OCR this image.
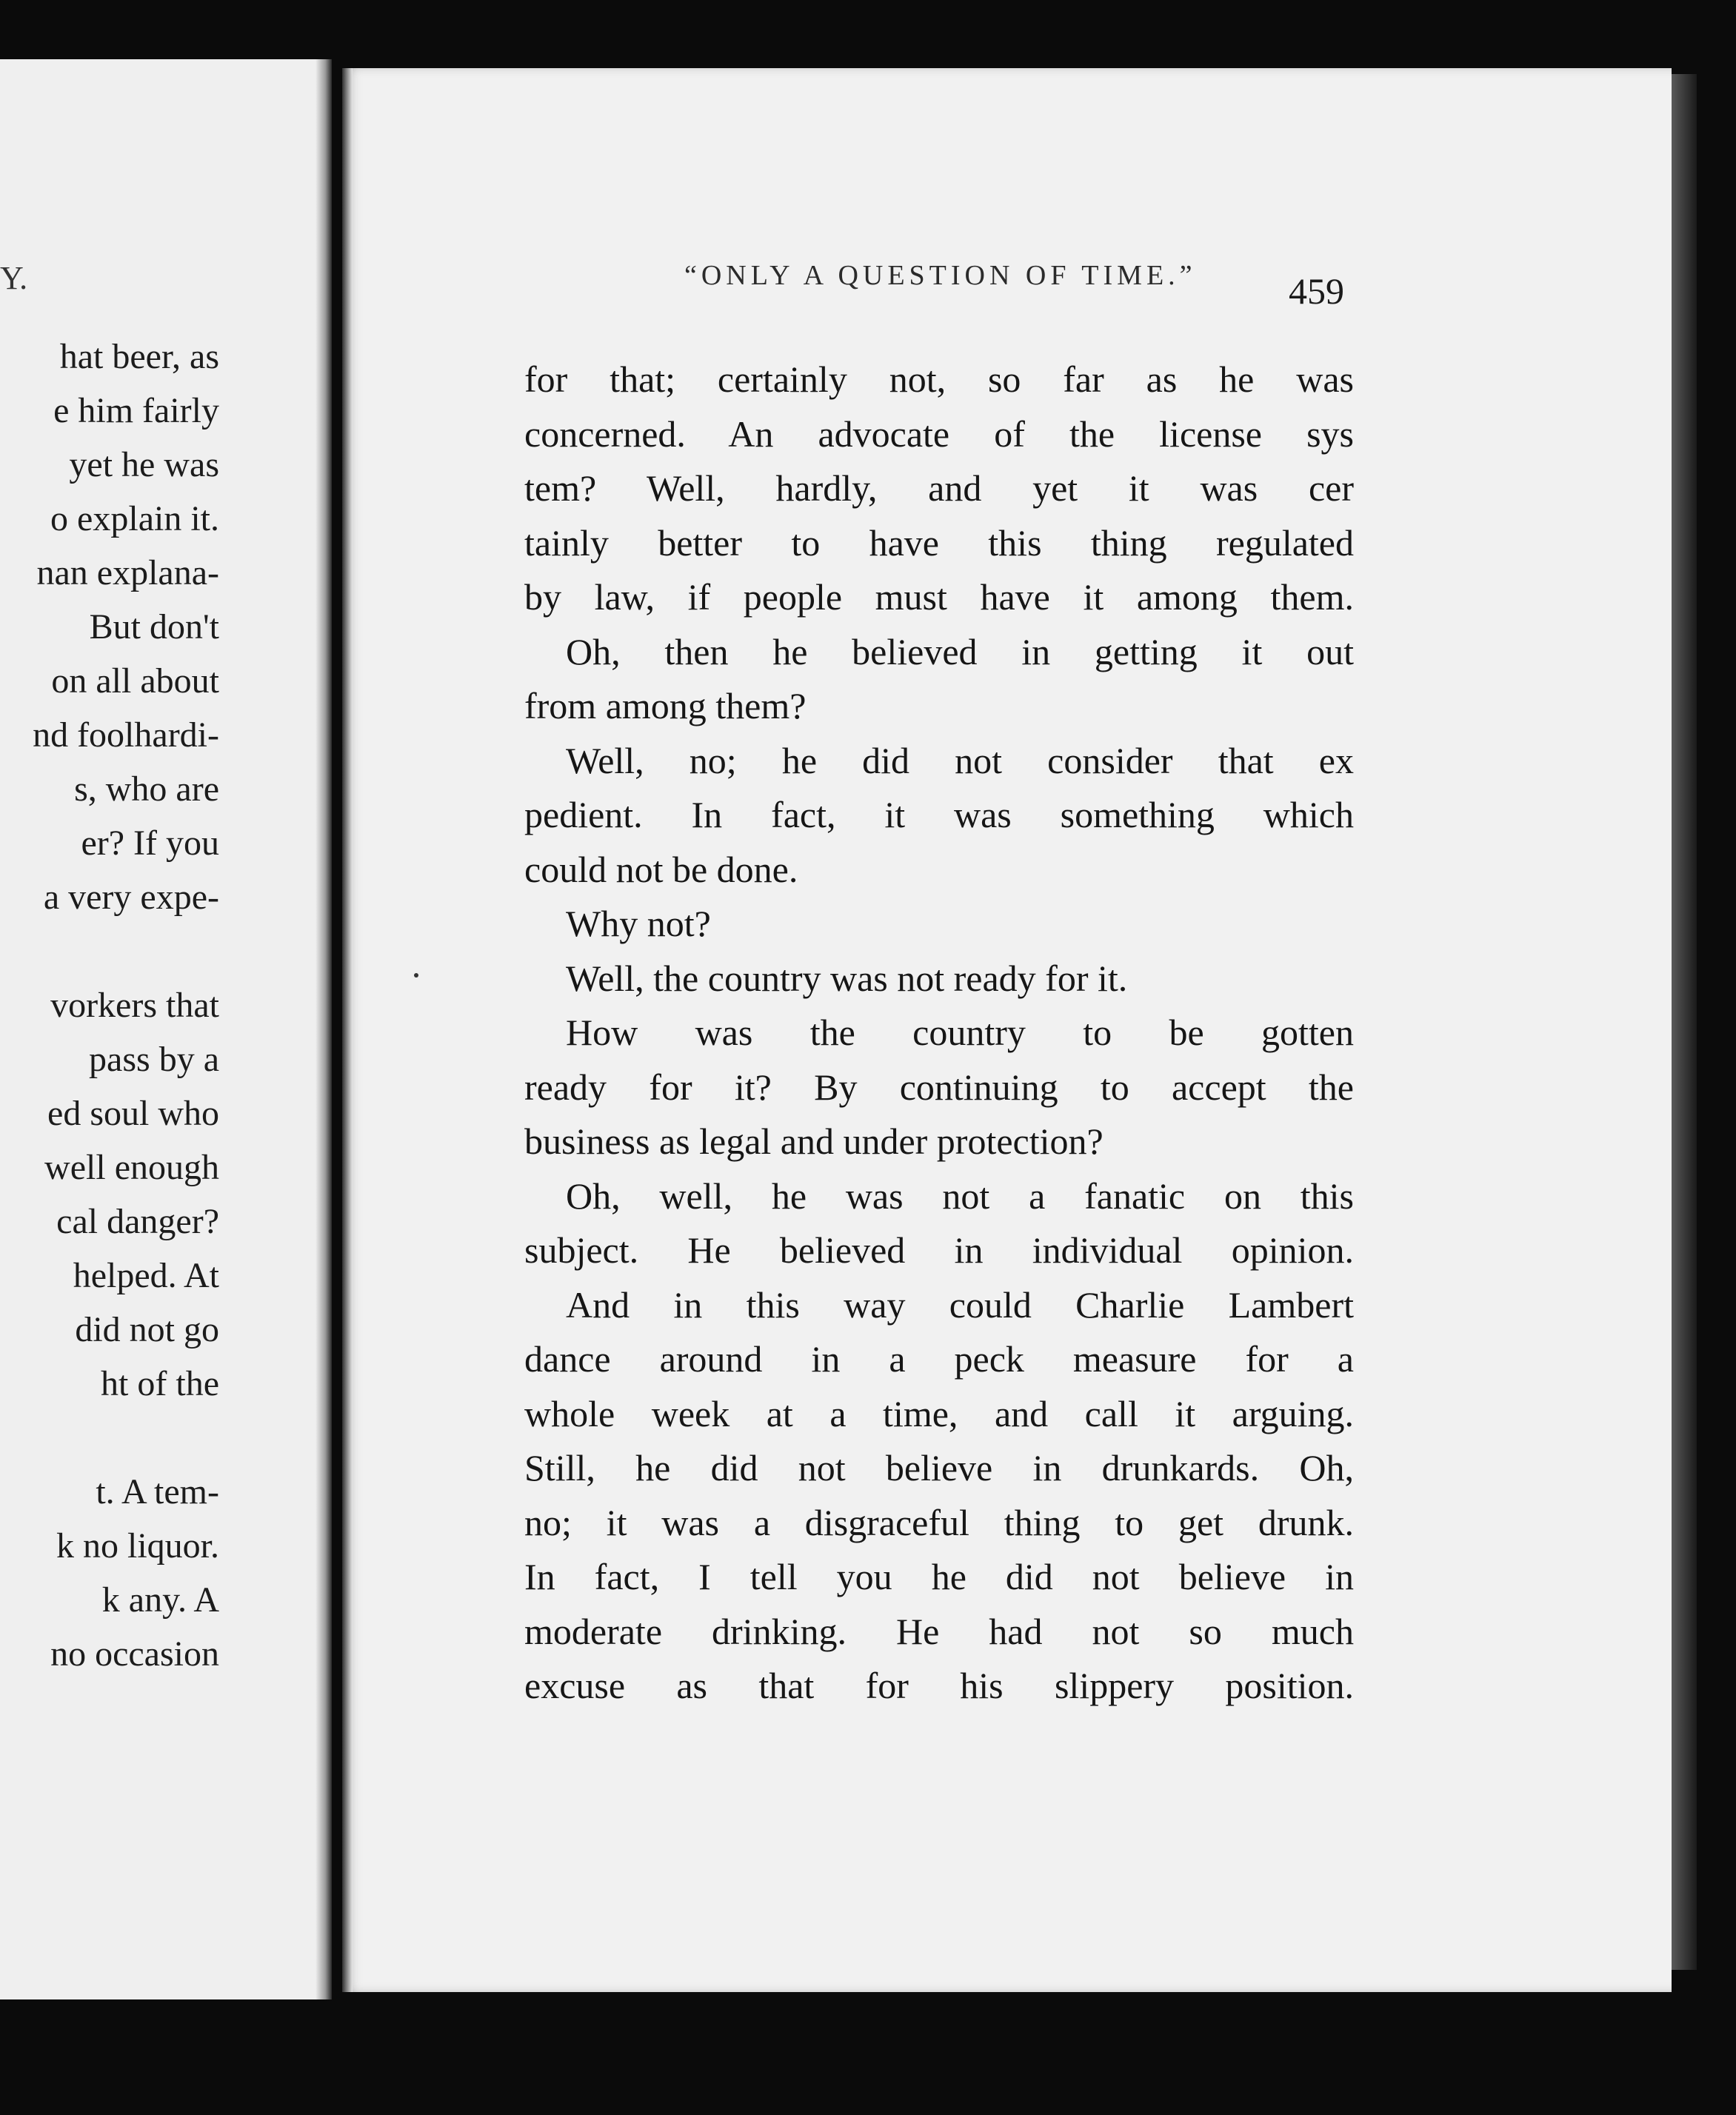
Y.

hat beer, as
e him fairly
yet he was
o explain it.
nan explana-
But don't
on all about
nd foolhardi-
s, who are
er? If you
a very expe-
vorkers that
pass by a
ed soul who
well enough
cal danger?
helped. At
did not go
ht of the
t. A tem-
k no liquor.
k any. A
no occasion

“ONLY A QUESTION OF TIME.” 459

for that; certainly not, so far as he was
concerned. An advocate of the license sys
tem? Well, hardly, and yet it was cer
tainly better to have this thing regulated
by law, if people must have it among them.
Oh, then he believed in getting it out
from among them?
Well, no; he did not consider that ex
pedient. In fact, it was something which
could not be done.
Why not?
Well, the country was not ready for it.
How was the country to be gotten
ready for it? By continuing to accept the
business as legal and under protection?
Oh, well, he was not a fanatic on this
subject. He believed in individual opinion.
And in this way could Charlie Lambert
dance around in a peck measure for a
whole week at a time, and call it arguing.
Still, he did not believe in drunkards. Oh,
no; it was a disgraceful thing to get drunk.
In fact, I tell you he did not believe in
moderate drinking. He had not so much
excuse as that for his slippery position.
